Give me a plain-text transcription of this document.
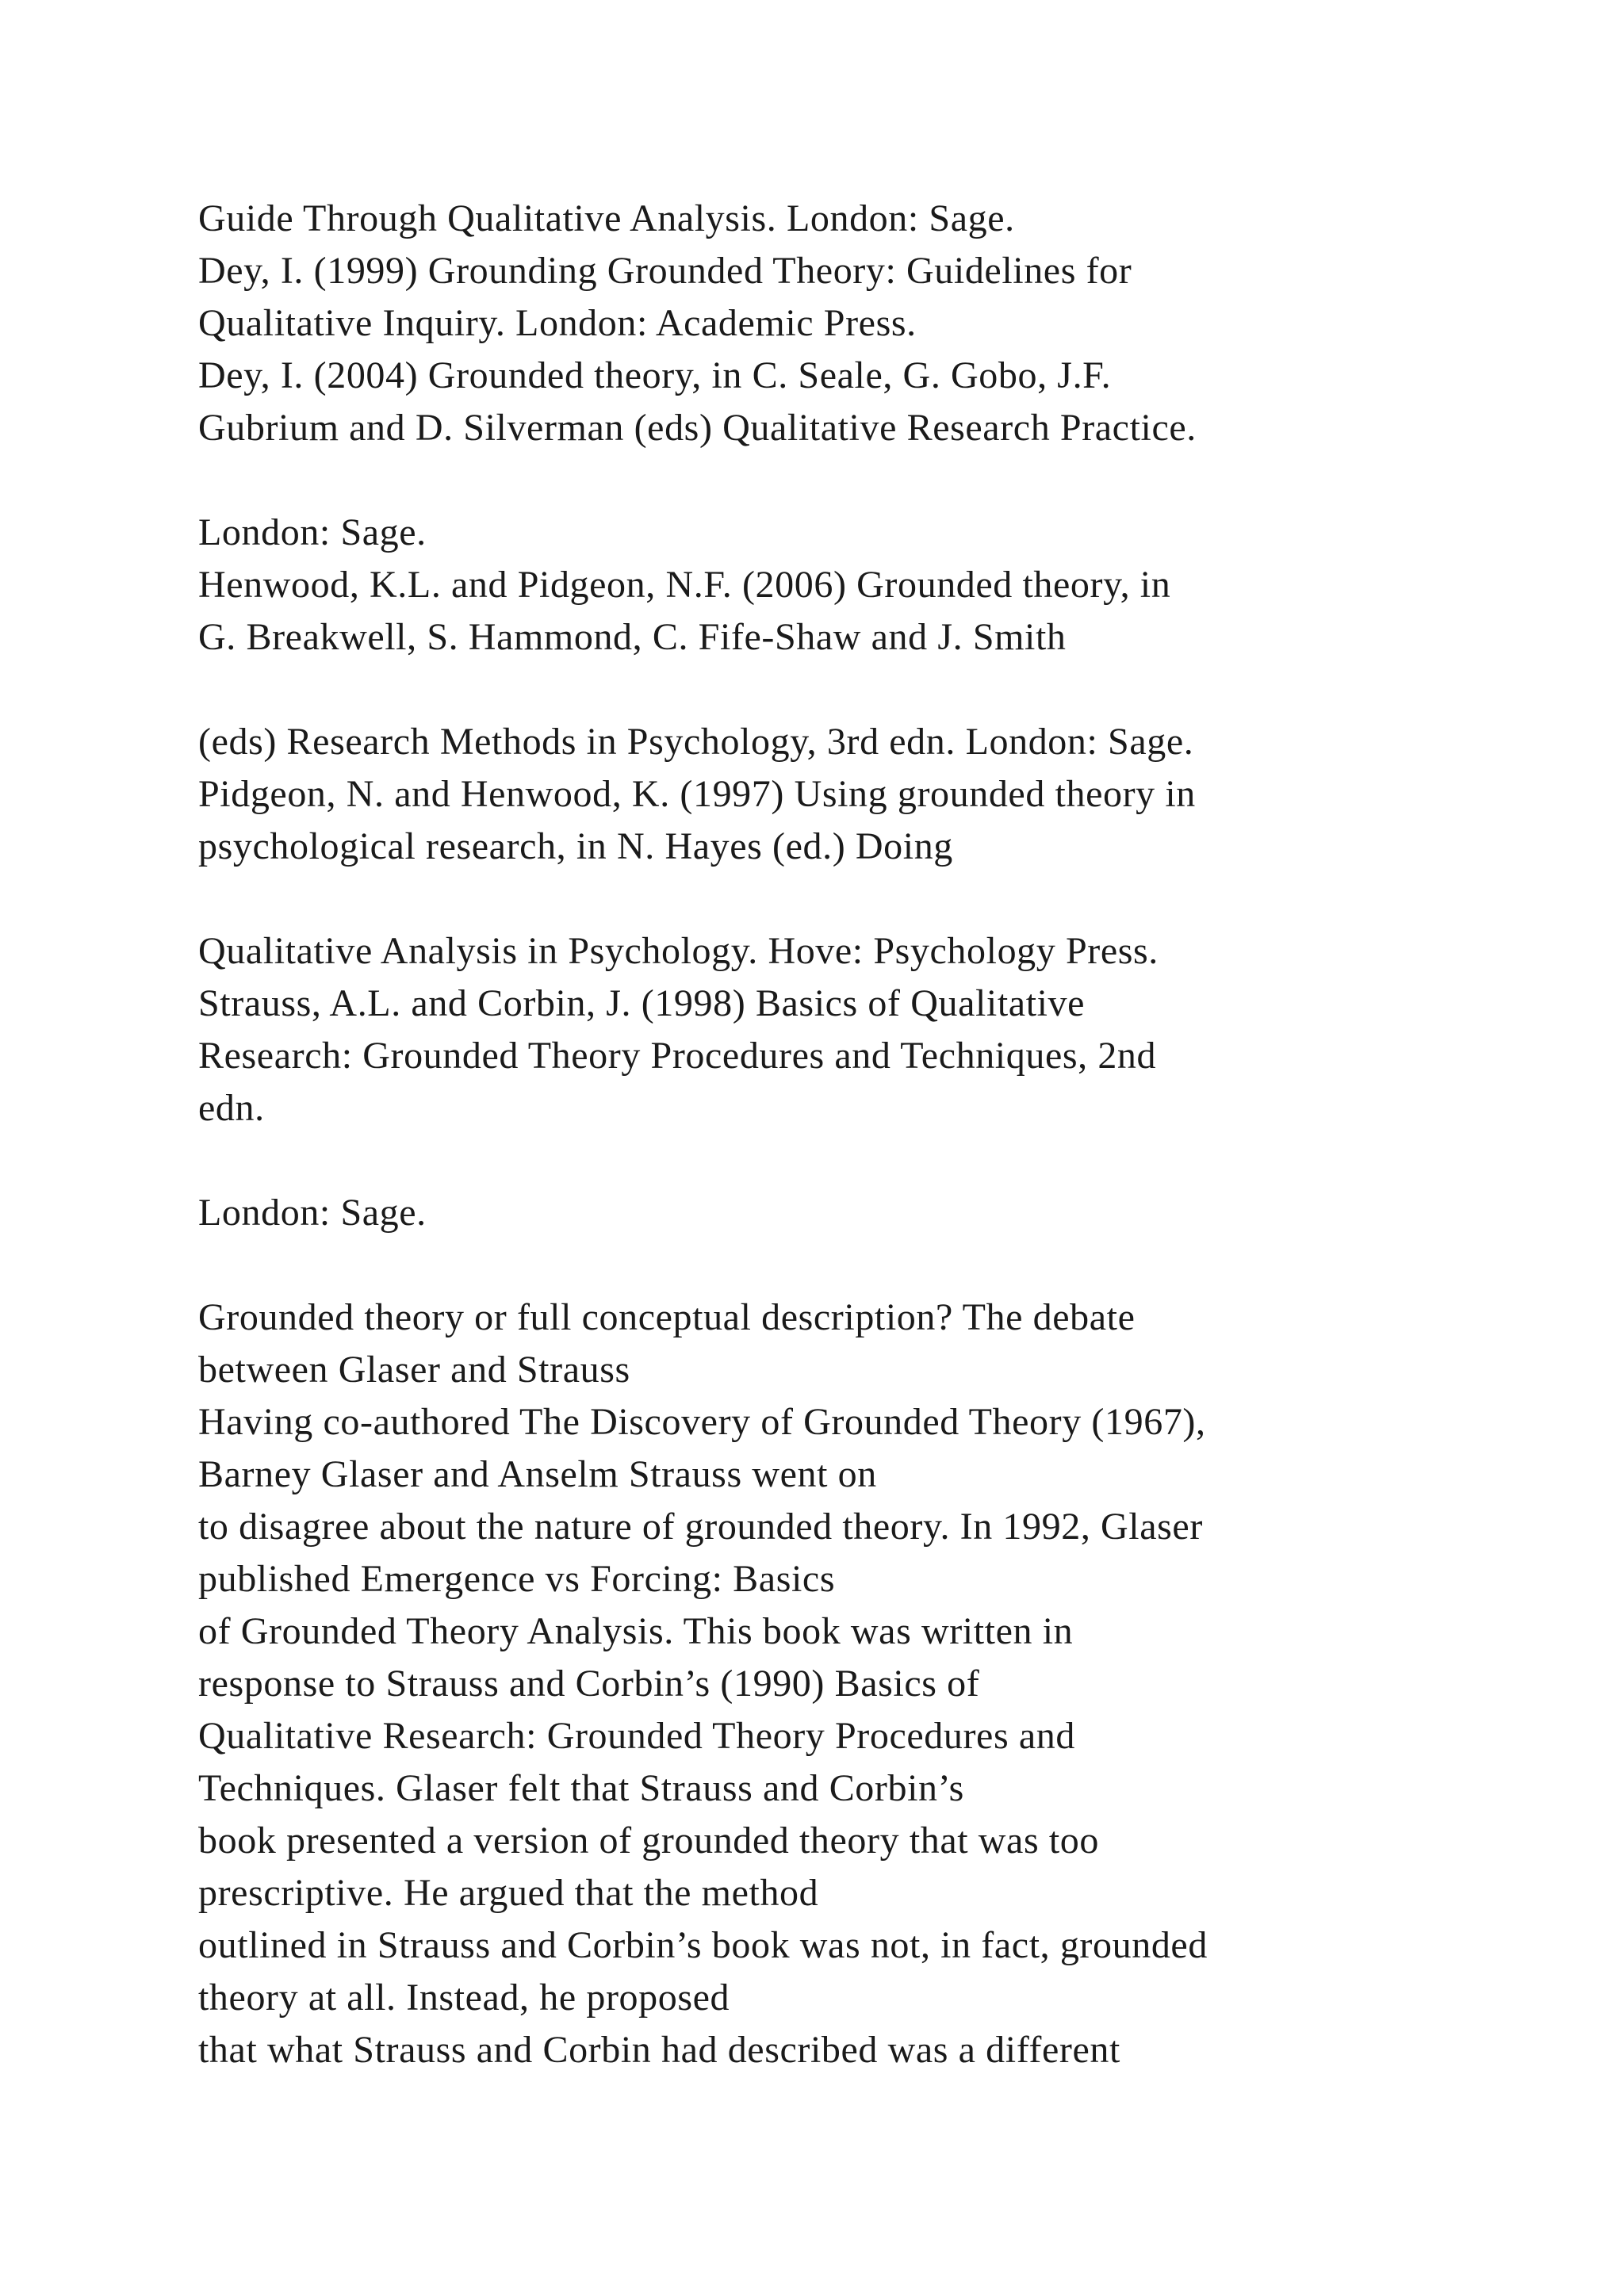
Guide Through Qualitative Analysis. London: Sage.
Dey, I. (1999) Grounding Grounded Theory: Guidelines for
Qualitative Inquiry. London: Academic Press.
Dey, I. (2004) Grounded theory, in C. Seale, G. Gobo, J.F.
Gubrium and D. Silverman (eds) Qualitative Research Practice.
London: Sage.
Henwood, K.L. and Pidgeon, N.F. (2006) Grounded theory, in
G. Breakwell, S. Hammond, C. Fife-Shaw and J. Smith
(eds) Research Methods in Psychology, 3rd edn. London: Sage.
Pidgeon, N. and Henwood, K. (1997) Using grounded theory in
psychological research, in N. Hayes (ed.) Doing
Qualitative Analysis in Psychology. Hove: Psychology Press.
Strauss, A.L. and Corbin, J. (1998) Basics of Qualitative
Research: Grounded Theory Procedures and Techniques, 2nd
edn.
London: Sage.
Grounded theory or full conceptual description? The debate
between Glaser and Strauss
Having co-authored The Discovery of Grounded Theory (1967),
Barney Glaser and Anselm Strauss went on
to disagree about the nature of grounded theory. In 1992, Glaser
published Emergence vs Forcing: Basics
of Grounded Theory Analysis. This book was written in
response to Strauss and Corbin’s (1990) Basics of
Qualitative Research: Grounded Theory Procedures and
Techniques. Glaser felt that Strauss and Corbin’s
book presented a version of grounded theory that was too
prescriptive. He argued that the method
outlined in Strauss and Corbin’s book was not, in fact, grounded
theory at all. Instead, he proposed
that what Strauss and Corbin had described was a different
